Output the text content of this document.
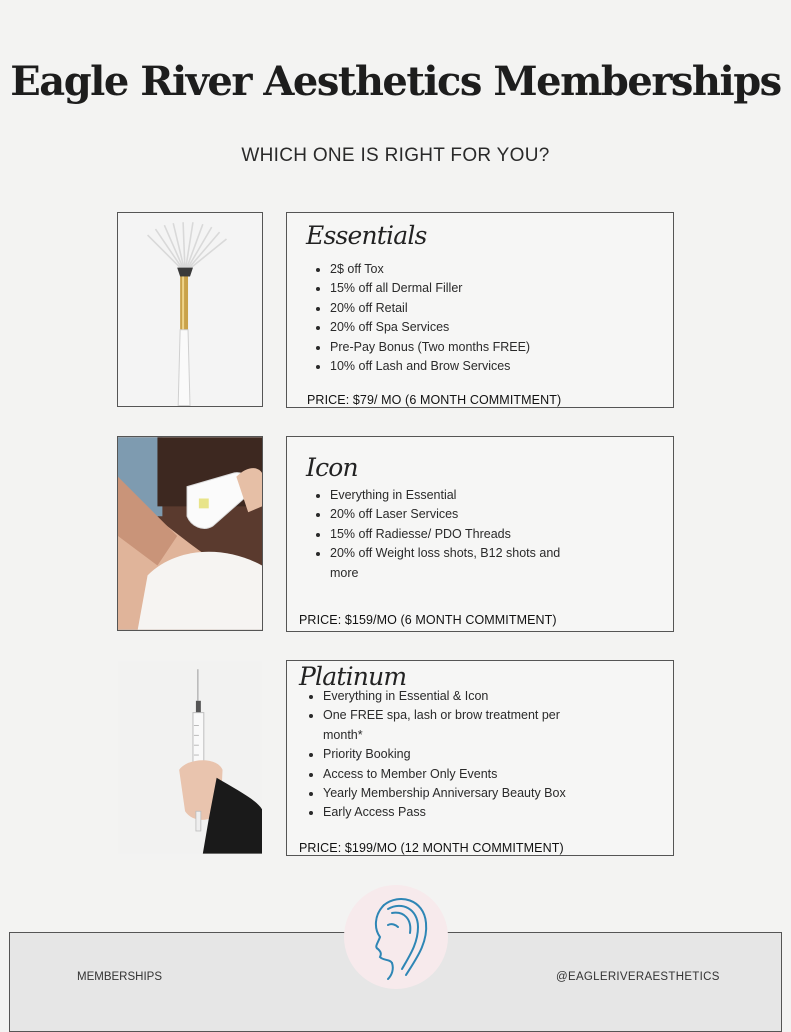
Eagle River Aesthetics Memberships
WHICH ONE IS RIGHT FOR YOU?
Essentials
• 2$ off Tox
• 15% off all Dermal Filler
• 20% off Retail
• 20% off Spa Services
• Pre-Pay Bonus (Two months FREE)
• 10% off Lash and Brow Services
PRICE: $79/ MO (6 MONTH COMMITMENT)
Icon
• Everything in Essential
• 20% off Laser Services
• 15% off Radiesse/ PDO Threads
• 20% off Weight loss shots, B12 shots and more
PRICE: $159/MO (6 MONTH COMMITMENT)
Platinum
• Everything in Essential & Icon
• One FREE spa, lash or brow treatment per month*
• Priority Booking
• Access to Member Only Events
• Yearly Membership Anniversary Beauty Box
• Early Access Pass
PRICE: $199/MO (12 MONTH COMMITMENT)
MEMBERSHIPS	@EAGLERIVERAESTHETICS
